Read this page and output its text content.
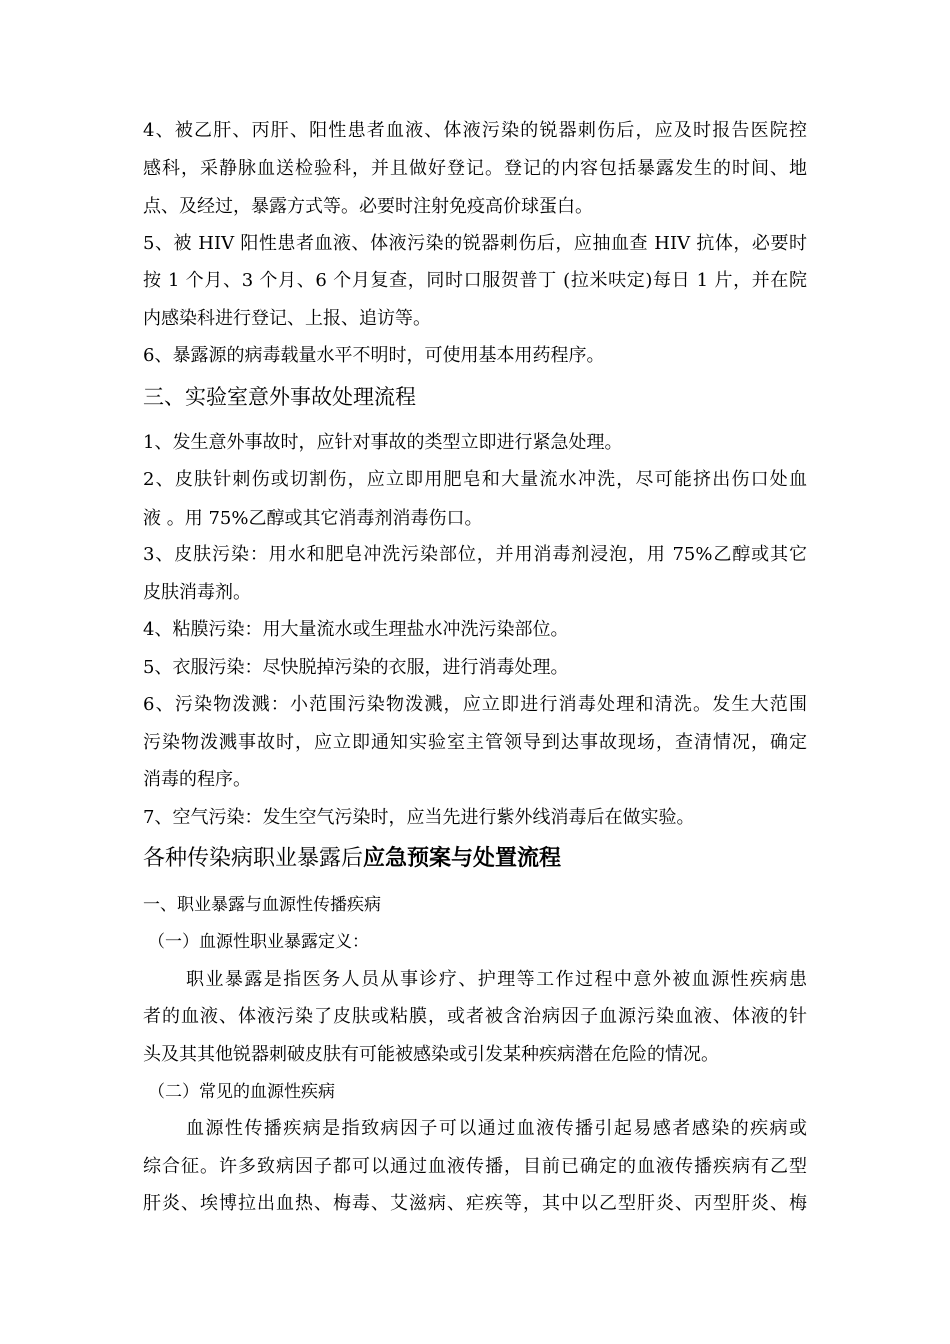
4、被乙肝、丙肝、阳性患者血液、体液污染的锐器刺伤后，应及时报告医院控
感科，采静脉血送检验科，并且做好登记。登记的内容包括暴露发生的时间、地
点、及经过，暴露方式等。必要时注射免疫高价球蛋白。
5、被 HIV 阳性患者血液、体液污染的锐器刺伤后，应抽血查 HIV 抗体，必要时
按 1 个月、3 个月、6 个月复查，同时口服贺普丁 (拉米呋定)每日 1 片，并在院
内感染科进行登记、上报、追访等。
6、暴露源的病毒载量水平不明时，可使用基本用药程序。
三、实验室意外事故处理流程
1、发生意外事故时，应针对事故的类型立即进行紧急处理。
2、皮肤针刺伤或切割伤，应立即用肥皂和大量流水冲洗，尽可能挤出伤口处血
液 。用 75%乙醇或其它消毒剂消毒伤口。
3、皮肤污染：用水和肥皂冲洗污染部位，并用消毒剂浸泡，用 75%乙醇或其它
皮肤消毒剂。
4、粘膜污染：用大量流水或生理盐水冲洗污染部位。
5、衣服污染：尽快脱掉污染的衣服，进行消毒处理。
6、污染物泼溅：小范围污染物泼溅，应立即进行消毒处理和清洗。发生大范围
污染物泼溅事故时，应立即通知实验室主管领导到达事故现场，查清情况，确定
消毒的程序。
7、空气污染：发生空气污染时，应当先进行紫外线消毒后在做实验。
各种传染病职业暴露后应急预案与处置流程
一、职业暴露与血源性传播疾病
（一）血源性职业暴露定义：
职业暴露是指医务人员从事诊疗、护理等工作过程中意外被血源性疾病患
者的血液、体液污染了皮肤或粘膜，或者被含治病因子血源污染血液、体液的针
头及其其他锐器刺破皮肤有可能被感染或引发某种疾病潜在危险的情况。
（二）常见的血源性疾病
血源性传播疾病是指致病因子可以通过血液传播引起易感者感染的疾病或
综合征。许多致病因子都可以通过血液传播，目前已确定的血液传播疾病有乙型
肝炎、埃博拉出血热、梅毒、艾滋病、疟疾等，其中以乙型肝炎、丙型肝炎、梅
